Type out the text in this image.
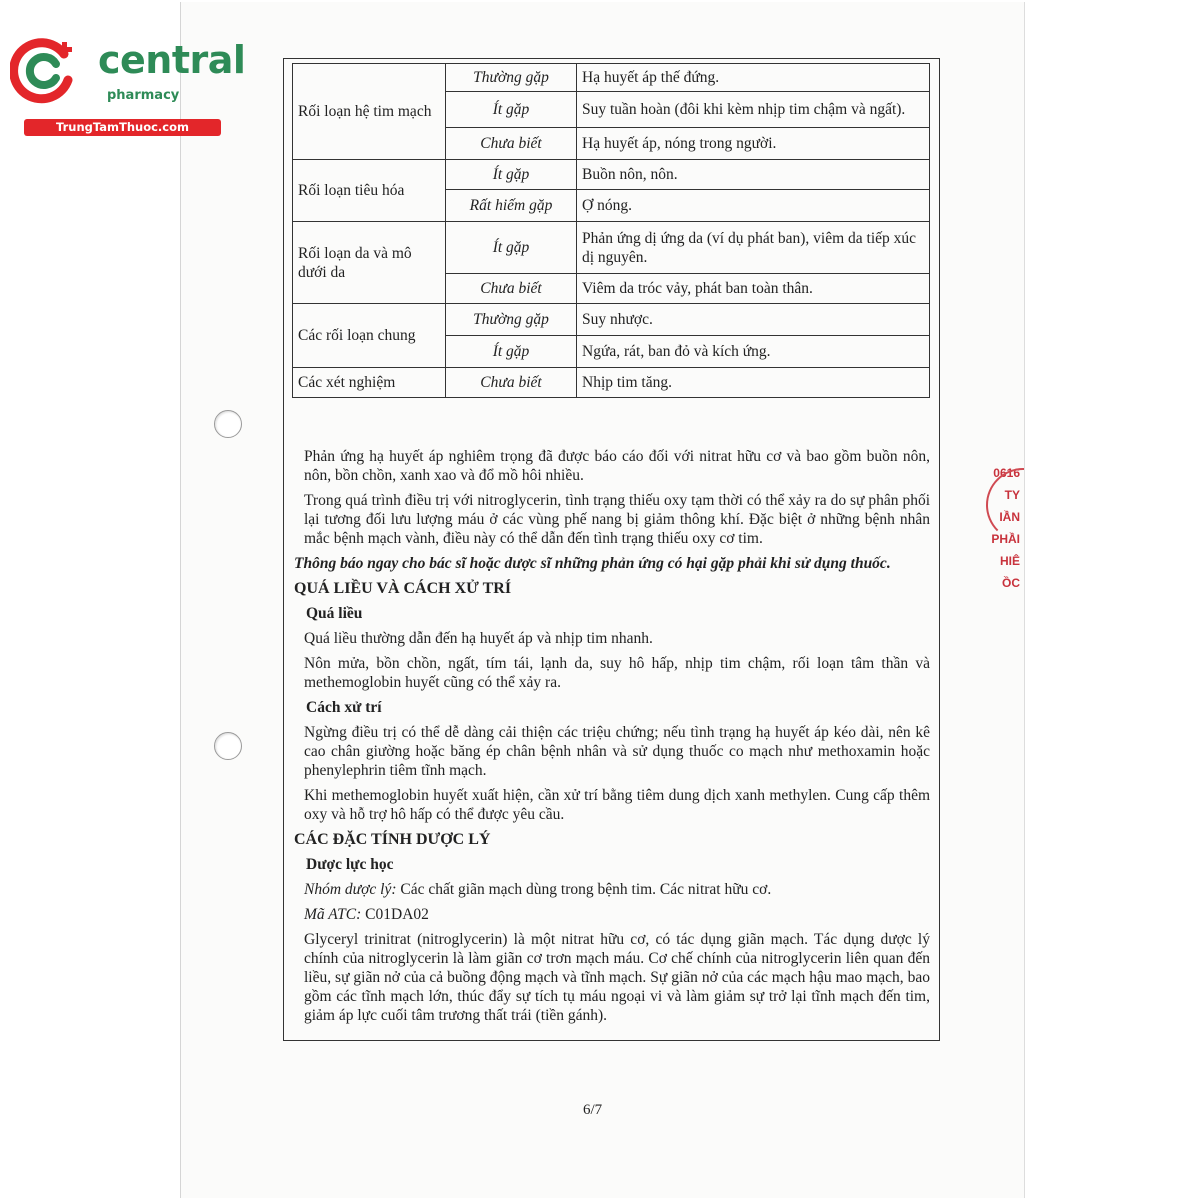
central
pharmacy
TrungTamThuoc.com
Rối loạn hệ tim mạch	Thường gặp	Hạ huyết áp thế đứng.
	Ít gặp	Suy tuần hoàn (đôi khi kèm nhịp tim chậm và ngất).
	Chưa biết	Hạ huyết áp, nóng trong người.
Rối loạn tiêu hóa	Ít gặp	Buồn nôn, nôn.
	Rất hiếm gặp	Ợ nóng.
Rối loạn da và mô dưới da	Ít gặp	Phản ứng dị ứng da (ví dụ phát ban), viêm da tiếp xúc dị nguyên.
	Chưa biết	Viêm da tróc vảy, phát ban toàn thân.
Các rối loạn chung	Thường gặp	Suy nhược.
	Ít gặp	Ngứa, rát, ban đỏ và kích ứng.
Các xét nghiệm	Chưa biết	Nhịp tim tăng.

Phản ứng hạ huyết áp nghiêm trọng đã được báo cáo đối với nitrat hữu cơ và bao gồm buồn nôn, nôn, bồn chồn, xanh xao và đổ mồ hôi nhiều.

Trong quá trình điều trị với nitroglycerin, tình trạng thiếu oxy tạm thời có thể xảy ra do sự phân phối lại tương đối lưu lượng máu ở các vùng phế nang bị giảm thông khí. Đặc biệt ở những bệnh nhân mắc bệnh mạch vành, điều này có thể dẫn đến tình trạng thiếu oxy cơ tim.

Thông báo ngay cho bác sĩ hoặc dược sĩ những phản ứng có hại gặp phải khi sử dụng thuốc.

QUÁ LIỀU VÀ CÁCH XỬ TRÍ
Quá liều

Quá liều thường dẫn đến hạ huyết áp và nhịp tim nhanh.

Nôn mửa, bồn chồn, ngất, tím tái, lạnh da, suy hô hấp, nhịp tim chậm, rối loạn tâm thần và methemoglobin huyết cũng có thể xảy ra.

Cách xử trí

Ngừng điều trị có thể dễ dàng cải thiện các triệu chứng; nếu tình trạng hạ huyết áp kéo dài, nên kê cao chân giường hoặc băng ép chân bệnh nhân và sử dụng thuốc co mạch như methoxamin hoặc phenylephrin tiêm tĩnh mạch.

Khi methemoglobin huyết xuất hiện, cần xử trí bằng tiêm dung dịch xanh methylen. Cung cấp thêm oxy và hỗ trợ hô hấp có thể được yêu cầu.

CÁC ĐẶC TÍNH DƯỢC LÝ
Dược lực học

Nhóm dược lý: Các chất giãn mạch dùng trong bệnh tim. Các nitrat hữu cơ.

Mã ATC: C01DA02

Glyceryl trinitrat (nitroglycerin) là một nitrat hữu cơ, có tác dụng giãn mạch. Tác dụng dược lý chính của nitroglycerin là làm giãn cơ trơn mạch máu. Cơ chế chính của nitroglycerin liên quan đến liều, sự giãn nở của cả buồng động mạch và tĩnh mạch. Sự giãn nở của các mạch hậu mao mạch, bao gồm các tĩnh mạch lớn, thúc đẩy sự tích tụ máu ngoại vi và làm giảm sự trở lại tĩnh mạch đến tim, giảm áp lực cuối tâm trương thất trái (tiền gánh).

6/7
0616
TY
IẦN
PHẦI
HIÊ
ỒC
